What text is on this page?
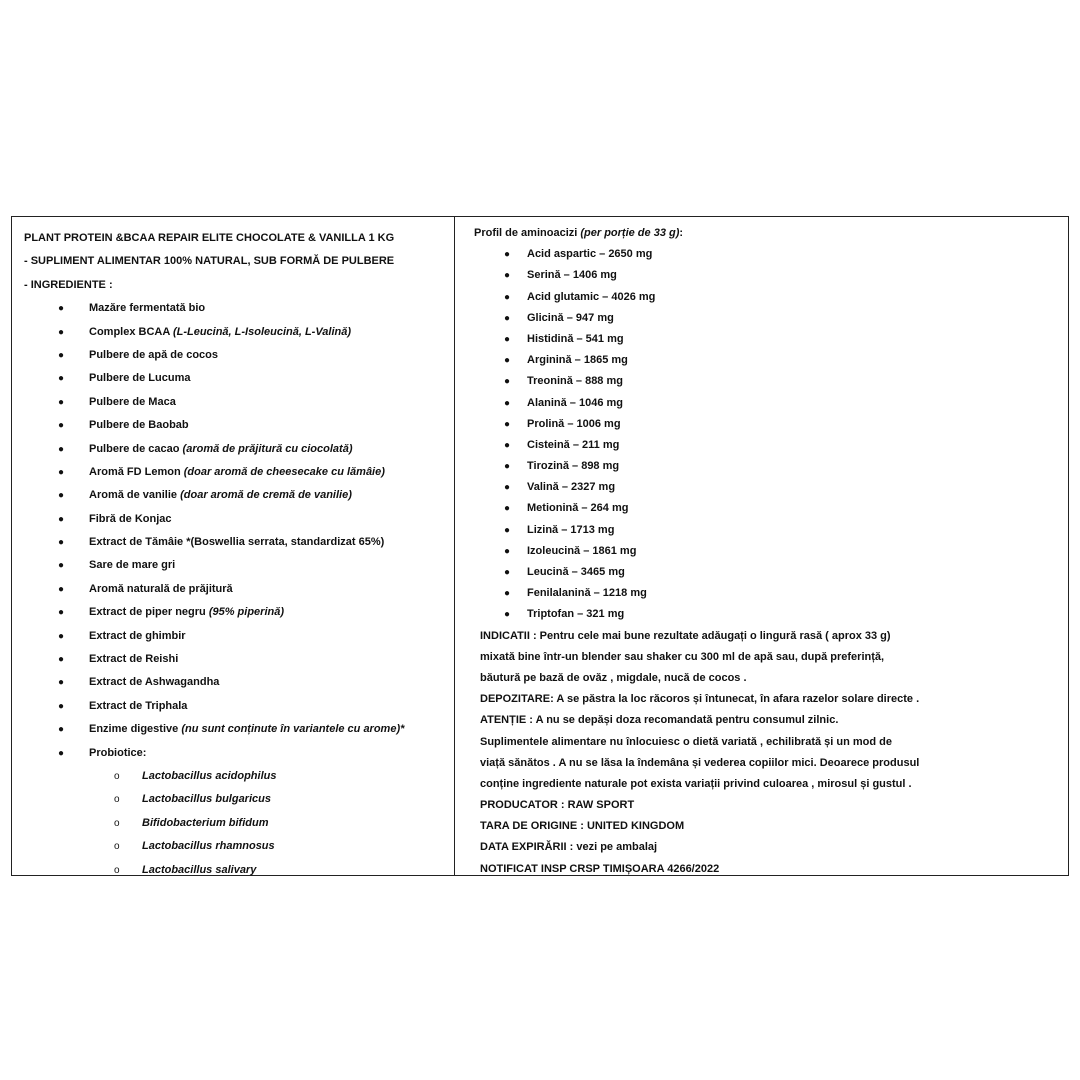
PLANT PROTEIN &BCAA REPAIR ELITE CHOCOLATE & VANILLA 1 KG
- SUPLIMENT ALIMENTAR 100% NATURAL, SUB FORMĂ DE PULBERE
- INGREDIENTE :
● Mazăre fermentată bio
● Complex BCAA (L-Leucină, L-Isoleucină, L-Valină)
● Pulbere de apă de cocos
● Pulbere de Lucuma
● Pulbere de Maca
● Pulbere de Baobab
● Pulbere de cacao (aromă de prăjitură cu ciocolată)
● Aromă FD Lemon (doar aromă de cheesecake cu lămâie)
● Aromă de vanilie (doar aromă de cremă de vanilie)
● Fibră de Konjac
● Extract de Tămâie *(Boswellia serrata, standardizat 65%)
● Sare de mare gri
● Aromă naturală de prăjitură
● Extract de piper negru (95% piperină)
● Extract de ghimbir
● Extract de Reishi
● Extract de Ashwagandha
● Extract de Triphala
● Enzime digestive (nu sunt conținute în variantele cu arome)*
● Probiotice:
o Lactobacillus acidophilus
o Lactobacillus bulgaricus
o Bifidobacterium bifidum
o Lactobacillus rhamnosus
o Lactobacillus salivary
Profil de aminoacizi (per porție de 33 g):
● Acid aspartic – 2650 mg
● Serină – 1406 mg
● Acid glutamic – 4026 mg
● Glicină – 947 mg
● Histidină – 541 mg
● Arginină – 1865 mg
● Treonină – 888 mg
● Alanină – 1046 mg
● Prolină – 1006 mg
● Cisteină – 211 mg
● Tirozină – 898 mg
● Valină – 2327 mg
● Metionină – 264 mg
● Lizină – 1713 mg
● Izoleucină – 1861 mg
● Leucină – 3465 mg
● Fenilalanină – 1218 mg
● Triptofan – 321 mg
INDICATII : Pentru cele mai bune rezultate adăugați o lingură rasă ( aprox 33 g)
mixată bine într-un blender sau shaker cu 300 ml de apă sau, după preferință,
băutură pe bază de ovăz , migdale, nucă de cocos .
DEPOZITARE: A se păstra la loc răcoros și întunecat, în afara razelor solare directe .
ATENȚIE : A nu se depăși doza recomandată pentru consumul zilnic.
Suplimentele alimentare nu înlocuiesc o dietă variată , echilibrată și un mod de
viață sănătos . A nu se lăsa la îndemâna și vederea copiilor mici. Deoarece produsul
conține ingrediente naturale pot exista variații privind culoarea , mirosul și gustul .
PRODUCATOR : RAW SPORT
TARA DE ORIGINE : UNITED KINGDOM
DATA EXPIRĂRII : vezi pe ambalaj
NOTIFICAT INSP CRSP TIMIȘOARA 4266/2022
